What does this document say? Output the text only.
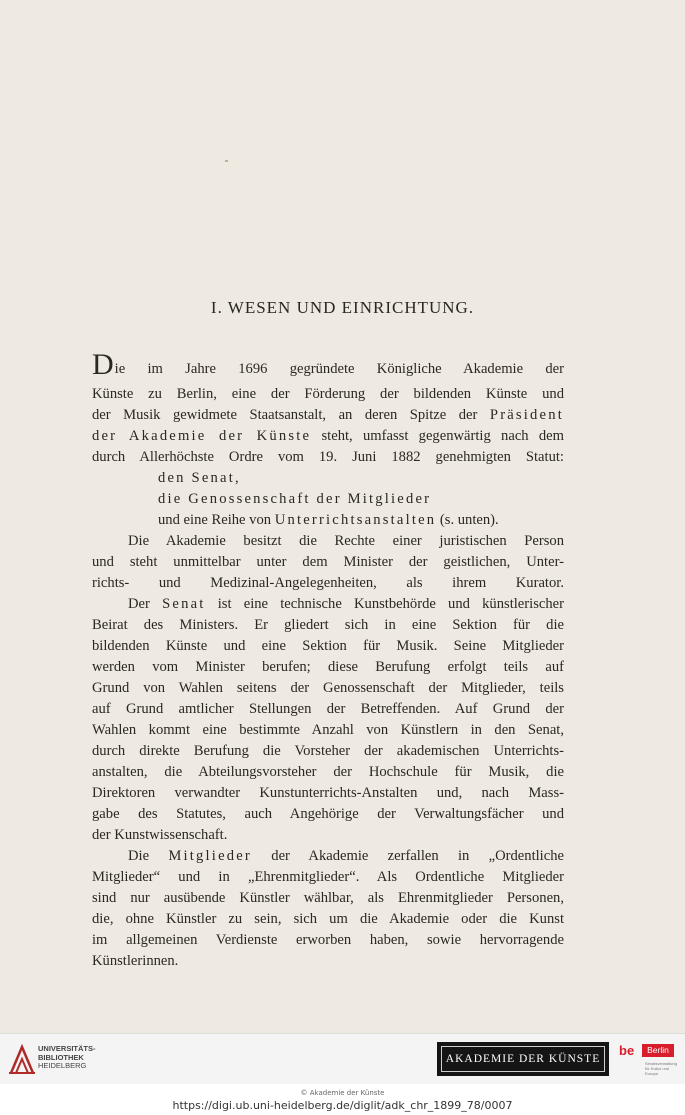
I. WESEN UND EINRICHTUNG.
Die im Jahre 1696 gegründete Königliche Akademie der
Künste zu Berlin, eine der Förderung der bildenden Künste und
der Musik gewidmete Staatsanstalt, an deren Spitze der Präsident
der Akademie der Künste steht, umfasst gegenwärtig nach dem
durch Allerhöchste Ordre vom 19. Juni 1882 genehmigten Statut:
den Senat,
die Genossenschaft der Mitglieder
und eine Reihe von Unterrichtsanstalten (s. unten).
Die Akademie besitzt die Rechte einer juristischen Person
und steht unmittelbar unter dem Minister der geistlichen, Unter-
richts- und Medizinal-Angelegenheiten, als ihrem Kurator.
Der Senat ist eine technische Kunstbehörde und künstlerischer
Beirat des Ministers. Er gliedert sich in eine Sektion für die
bildenden Künste und eine Sektion für Musik. Seine Mitglieder
werden vom Minister berufen; diese Berufung erfolgt teils auf
Grund von Wahlen seitens der Genossenschaft der Mitglieder, teils
auf Grund amtlicher Stellungen der Betreffenden. Auf Grund der
Wahlen kommt eine bestimmte Anzahl von Künstlern in den Senat,
durch direkte Berufung die Vorsteher der akademischen Unterrichts-
anstalten, die Abteilungsvorsteher der Hochschule für Musik, die
Direktoren verwandter Kunstunterrichts-Anstalten und, nach Mass-
gabe des Statutes, auch Angehörige der Verwaltungsfächer und
der Kunstwissenschaft.
Die Mitglieder der Akademie zerfallen in „Ordentliche
Mitglieder“ und in „Ehrenmitglieder“. Als Ordentliche Mitglieder
sind nur ausübende Künstler wählbar, als Ehrenmitglieder Personen,
die, ohne Künstler zu sein, sich um die Akademie oder die Kunst
im allgemeinen Verdienste erworben haben, sowie hervorragende
Künstlerinnen.
UNIVERSITÄTS-
BIBLIOTHEK
HEIDELBERG
AKADEMIE DER KÜNSTE
be	Berlin
Senatsverwaltung
für Kultur und Europa
© Akademie der Künste
https://digi.ub.uni-heidelberg.de/diglit/adk_chr_1899_78/0007
